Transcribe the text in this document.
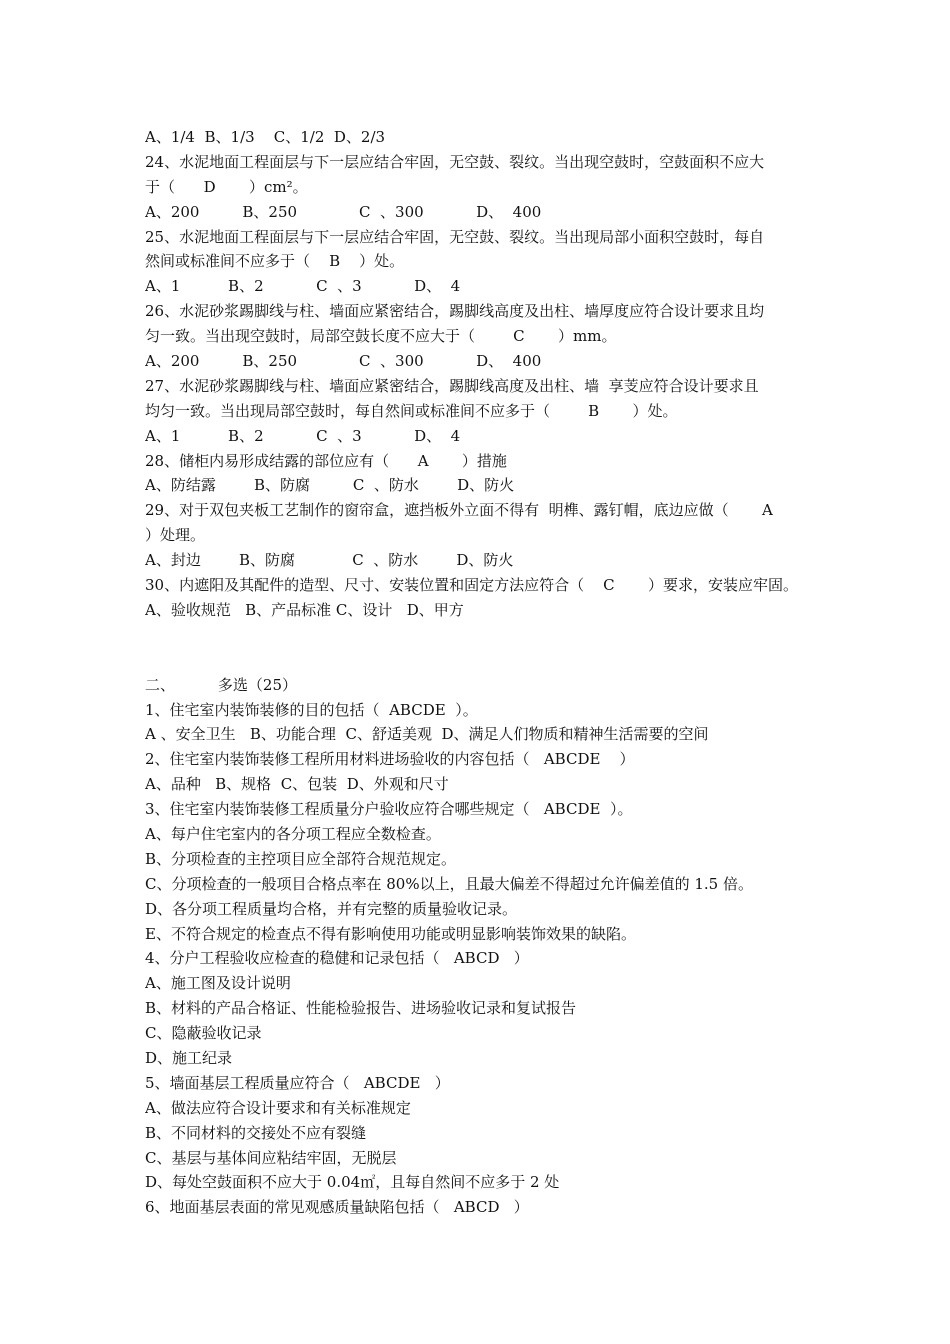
A、1/4  B、1/3    C、1/2  D、2/3
24、水泥地面工程面层与下一层应结合牢固，无空鼓、裂纹。当出现空鼓时，空鼓面积不应大
于（      D       ）cm²。
A、200         B、250             C  、300           D、  400
25、水泥地面工程面层与下一层应结合牢固，无空鼓、裂纹。当出现局部小面积空鼓时，每自
然间或标准间不应多于（    B    ）处。
A、1          B、2           C  、3           D、  4
26、水泥砂浆踢脚线与柱、墙面应紧密结合，踢脚线高度及出柱、墙厚度应符合设计要求且均
匀一致。当出现空鼓时，局部空鼓长度不应大于（        C       ）mm。
A、200         B、250             C  、300           D、  400
27、水泥砂浆踢脚线与柱、墙面应紧密结合，踢脚线高度及出柱、墙  享芰应符合设计要求且
均匀一致。当出现局部空鼓时，每自然间或标准间不应多于（        B       ）处。
A、1          B、2           C  、3           D、  4
28、储柜内易形成结露的部位应有（      A       ）措施
A、防结露        B、防腐         C  、防水        D、防火
29、对于双包夹板工艺制作的窗帘盒，遮挡板外立面不得有  明榫、露钉帽，底边应做（       A
）处理。
A、封边        B、防腐            C  、防水        D、防火
30、内遮阳及其配件的造型、尺寸、安装位置和固定方法应符合（    C       ）要求，安装应牢固。
A、验收规范   B、产品标准 C、设计   D、甲方
二、         多选（25）
1、住宅室内装饰装修的目的包括（  ABCDE  ）。
A 、安全卫生   B、功能合理  C、舒适美观  D、满足人们物质和精神生活需要的空间
2、住宅室内装饰装修工程所用材料进场验收的内容包括（   ABCDE    ）
A、品种   B、规格  C、包装  D、外观和尺寸
3、住宅室内装饰装修工程质量分户验收应符合哪些规定（   ABCDE  ）。
A、每户住宅室内的各分项工程应全数检查。
B、分项检查的主控项目应全部符合规范规定。
C、分项检查的一般项目合格点率在 80%以上，且最大偏差不得超过允许偏差值的 1.5 倍。
D、各分项工程质量均合格，并有完整的质量验收记录。
E、不符合规定的检查点不得有影响使用功能或明显影响装饰效果的缺陷。
4、分户工程验收应检查的稳健和记录包括（   ABCD   ）
A、施工图及设计说明
B、材料的产品合格证、性能检验报告、进场验收记录和复试报告
C、隐蔽验收记录
D、施工纪录
5、墙面基层工程质量应符合（   ABCDE   ）
A、做法应符合设计要求和有关标准规定
B、不同材料的交接处不应有裂缝
C、基层与基体间应粘结牢固，无脱层
D、每处空鼓面积不应大于 0.04㎡，且每自然间不应多于 2 处
6、地面基层表面的常见观感质量缺陷包括（   ABCD   ）
